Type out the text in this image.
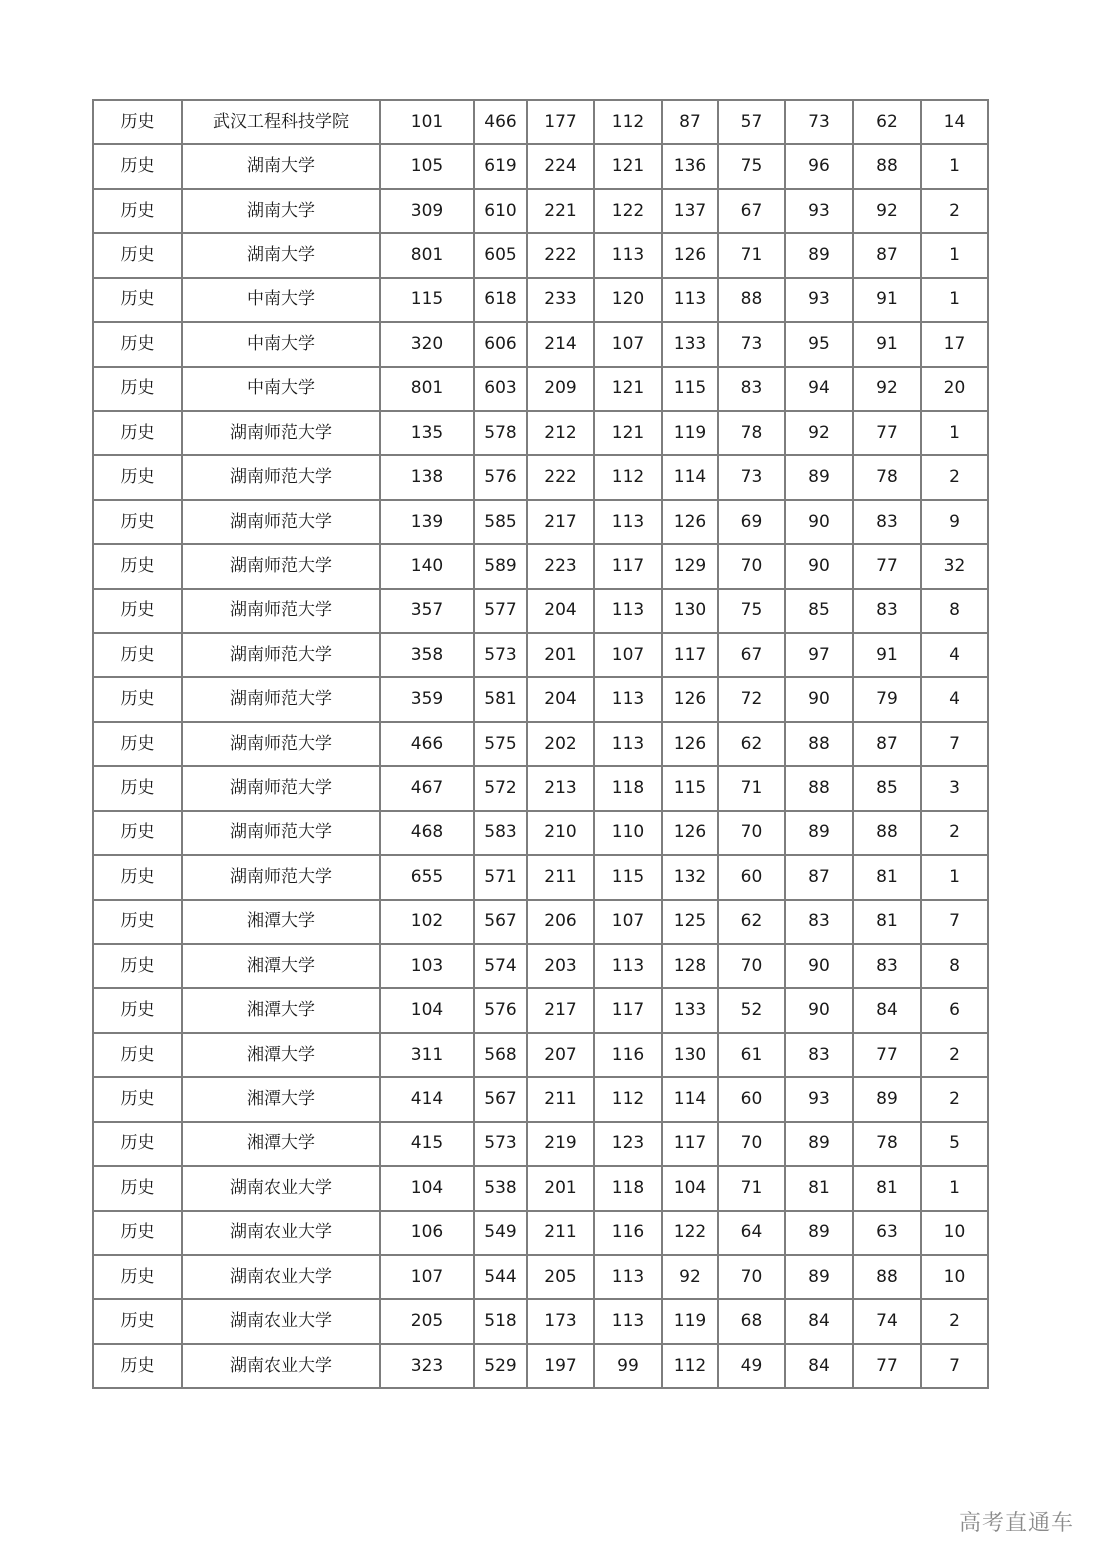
历史	武汉工程科技学院	101	466	177	112	87	57	73	62	14
历史	湖南大学	105	619	224	121	136	75	96	88	1
历史	湖南大学	309	610	221	122	137	67	93	92	2
历史	湖南大学	801	605	222	113	126	71	89	87	1
历史	中南大学	115	618	233	120	113	88	93	91	1
历史	中南大学	320	606	214	107	133	73	95	91	17
历史	中南大学	801	603	209	121	115	83	94	92	20
历史	湖南师范大学	135	578	212	121	119	78	92	77	1
历史	湖南师范大学	138	576	222	112	114	73	89	78	2
历史	湖南师范大学	139	585	217	113	126	69	90	83	9
历史	湖南师范大学	140	589	223	117	129	70	90	77	32
历史	湖南师范大学	357	577	204	113	130	75	85	83	8
历史	湖南师范大学	358	573	201	107	117	67	97	91	4
历史	湖南师范大学	359	581	204	113	126	72	90	79	4
历史	湖南师范大学	466	575	202	113	126	62	88	87	7
历史	湖南师范大学	467	572	213	118	115	71	88	85	3
历史	湖南师范大学	468	583	210	110	126	70	89	88	2
历史	湖南师范大学	655	571	211	115	132	60	87	81	1
历史	湘潭大学	102	567	206	107	125	62	83	81	7
历史	湘潭大学	103	574	203	113	128	70	90	83	8
历史	湘潭大学	104	576	217	117	133	52	90	84	6
历史	湘潭大学	311	568	207	116	130	61	83	77	2
历史	湘潭大学	414	567	211	112	114	60	93	89	2
历史	湘潭大学	415	573	219	123	117	70	89	78	5
历史	湖南农业大学	104	538	201	118	104	71	81	81	1
历史	湖南农业大学	106	549	211	116	122	64	89	63	10
历史	湖南农业大学	107	544	205	113	92	70	89	88	10
历史	湖南农业大学	205	518	173	113	119	68	84	74	2
历史	湖南农业大学	323	529	197	99	112	49	84	77	7
高考直通车
